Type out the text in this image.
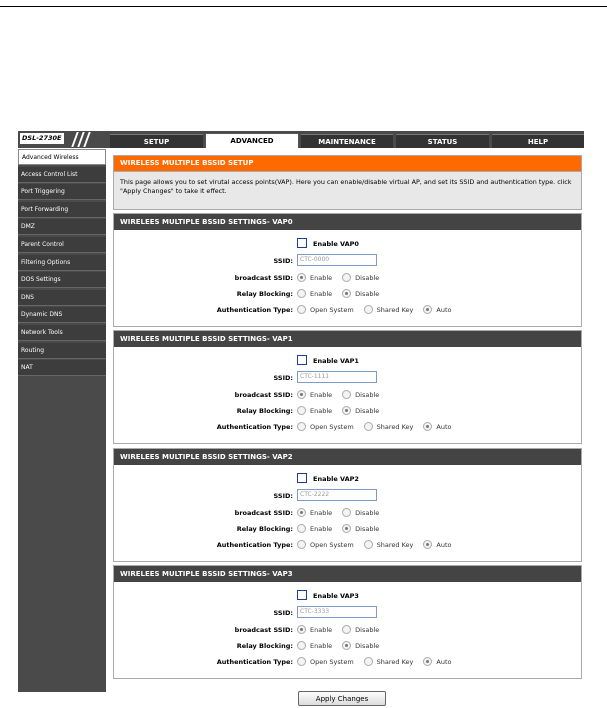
DSL-2730E	SETUP	ADVANCED	MAINTENANCE	STATUS	HELP
Advanced Wireless
Access Control List
Port Triggering
Port Forwarding
DMZ
Parent Control
Filtering Options
DOS Settings
DNS
Dynamic DNS
Network Tools
Routing
NAT
WIRELESS MULTIPLE BSSID SETUP
This page allows you to set virutal access points(VAP). Here you can enable/disable virtual AP, and set its SSID and authentication type. click "Apply Changes" to take it effect.
WIRELEES MULTIPLE BSSID SETTINGS- VAP0
Enable VAP0
SSID:	CTC-0000
broadcast SSID:	Enable	Disable
Relay Blocking:	Enable	Disable
Authentication Type:	Open System	Shared Key	Auto
WIRELEES MULTIPLE BSSID SETTINGS- VAP1
Enable VAP1
SSID:	CTC-1111
broadcast SSID:	Enable	Disable
Relay Blocking:	Enable	Disable
Authentication Type:	Open System	Shared Key	Auto
WIRELEES MULTIPLE BSSID SETTINGS- VAP2
Enable VAP2
SSID:	CTC-2222
broadcast SSID:	Enable	Disable
Relay Blocking:	Enable	Disable
Authentication Type:	Open System	Shared Key	Auto
WIRELEES MULTIPLE BSSID SETTINGS- VAP3
Enable VAP3
SSID:	CTC-3333
broadcast SSID:	Enable	Disable
Relay Blocking:	Enable	Disable
Authentication Type:	Open System	Shared Key	Auto
Apply Changes
